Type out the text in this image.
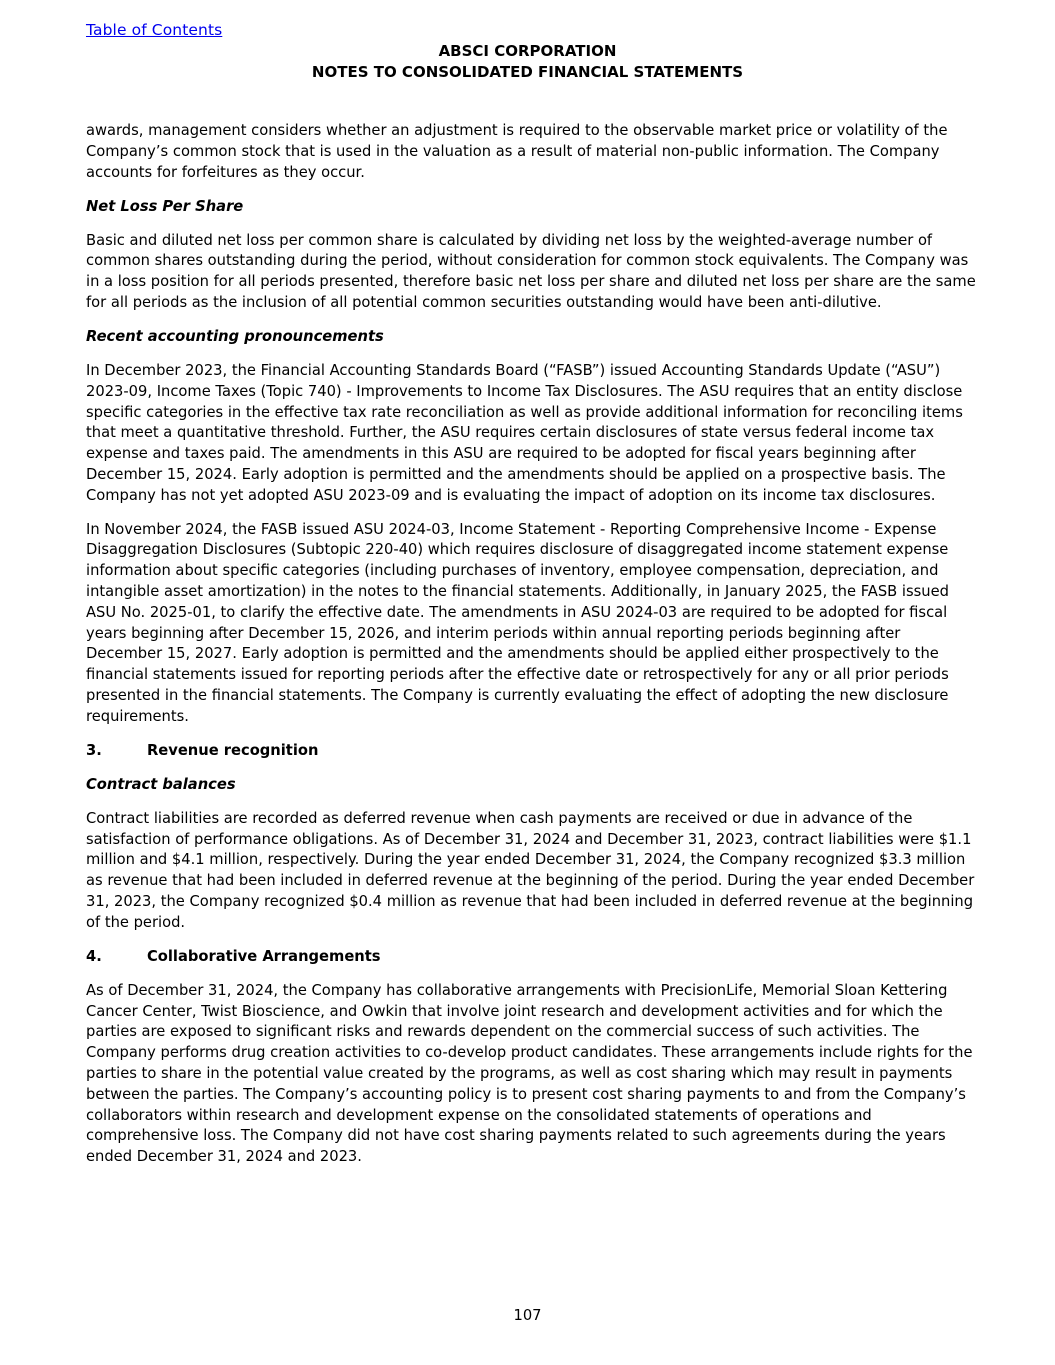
Table of Contents
ABSCI CORPORATION
NOTES TO CONSOLIDATED FINANCIAL STATEMENTS

awards, management considers whether an adjustment is required to the observable market price or volatility of the Company’s common stock that is used in the valuation as a result of material non-public information. The Company accounts for forfeitures as they occur.

Net Loss Per Share

Basic and diluted net loss per common share is calculated by dividing net loss by the weighted-average number of common shares outstanding during the period, without consideration for common stock equivalents. The Company was in a loss position for all periods presented, therefore basic net loss per share and diluted net loss per share are the same for all periods as the inclusion of all potential common securities outstanding would have been anti-dilutive.

Recent accounting pronouncements

In December 2023, the Financial Accounting Standards Board (“FASB”) issued Accounting Standards Update (“ASU”) 2023-09, Income Taxes (Topic 740) - Improvements to Income Tax Disclosures. The ASU requires that an entity disclose specific categories in the effective tax rate reconciliation as well as provide additional information for reconciling items that meet a quantitative threshold. Further, the ASU requires certain disclosures of state versus federal income tax expense and taxes paid. The amendments in this ASU are required to be adopted for fiscal years beginning after December 15, 2024. Early adoption is permitted and the amendments should be applied on a prospective basis. The Company has not yet adopted ASU 2023-09 and is evaluating the impact of adoption on its income tax disclosures.

In November 2024, the FASB issued ASU 2024-03, Income Statement - Reporting Comprehensive Income - Expense Disaggregation Disclosures (Subtopic 220-40) which requires disclosure of disaggregated income statement expense information about specific categories (including purchases of inventory, employee compensation, depreciation, and intangible asset amortization) in the notes to the financial statements. Additionally, in January 2025, the FASB issued ASU No. 2025-01, to clarify the effective date. The amendments in ASU 2024-03 are required to be adopted for fiscal years beginning after December 15, 2026, and interim periods within annual reporting periods beginning after December 15, 2027. Early adoption is permitted and the amendments should be applied either prospectively to the financial statements issued for reporting periods after the effective date or retrospectively for any or all prior periods presented in the financial statements. The Company is currently evaluating the effect of adopting the new disclosure requirements.

3.	Revenue recognition
Contract balances

Contract liabilities are recorded as deferred revenue when cash payments are received or due in advance of the satisfaction of performance obligations. As of December 31, 2024 and December 31, 2023, contract liabilities were $1.1 million and $4.1 million, respectively. During the year ended December 31, 2024, the Company recognized $3.3 million as revenue that had been included in deferred revenue at the beginning of the period. During the year ended December 31, 2023, the Company recognized $0.4 million as revenue that had been included in deferred revenue at the beginning of the period.

4.	Collaborative Arrangements

As of December 31, 2024, the Company has collaborative arrangements with PrecisionLife, Memorial Sloan Kettering Cancer Center, Twist Bioscience, and Owkin that involve joint research and development activities and for which the parties are exposed to significant risks and rewards dependent on the commercial success of such activities. The Company performs drug creation activities to co-develop product candidates. These arrangements include rights for the parties to share in the potential value created by the programs, as well as cost sharing which may result in payments between the parties. The Company’s accounting policy is to present cost sharing payments to and from the Company’s collaborators within research and development expense on the consolidated statements of operations and comprehensive loss. The Company did not have cost sharing payments related to such agreements during the years ended December 31, 2024 and 2023.

107
